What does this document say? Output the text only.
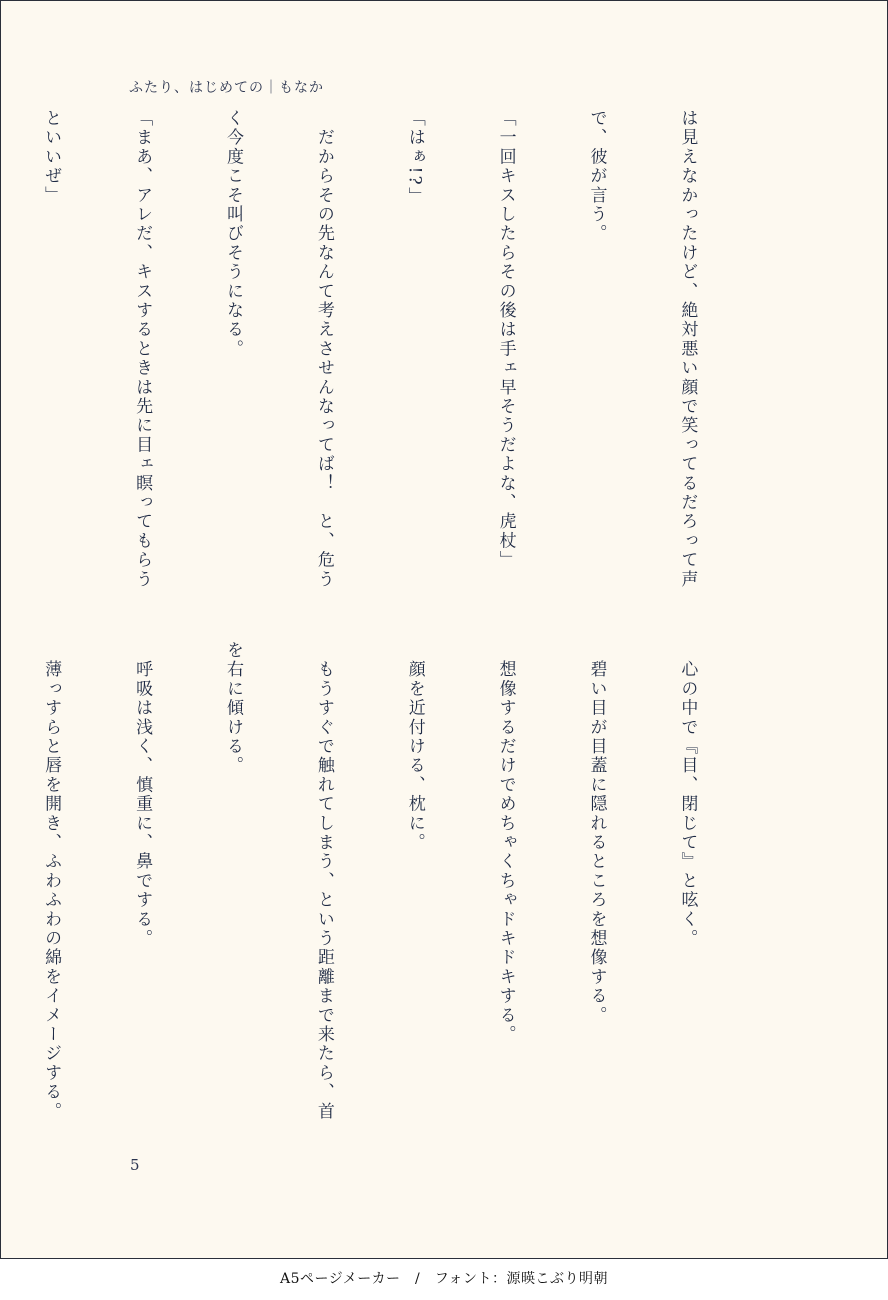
ふたり、はじめての｜もなか

は見えなかったけど、絶対悪い顔で笑ってるだろって声

で、彼が言う。

「一回キスしたらその後は手ェ早そうだよな、虎杖」

「はぁ!?」

　だからその先なんて考えさせんなってば！　と、危う

く今度こそ叫びそうになる。

「まあ、アレだ、キスするときは先に目ェ瞑ってもらう

といいぜ」

　心の中で『目、閉じて』と呟く。

　碧い目が目蓋に隠れるところを想像する。

　想像するだけでめちゃくちゃドキドキする。

　顔を近付ける、枕に。

　もうすぐで触れてしまう、という距離まで来たら、首

を右に傾ける。

　呼吸は浅く、慎重に、鼻でする。

　薄っすらと唇を開き、ふわふわの綿をイメージする。

5
A5ページメーカー　/　フォント：源暎こぶり明朝
